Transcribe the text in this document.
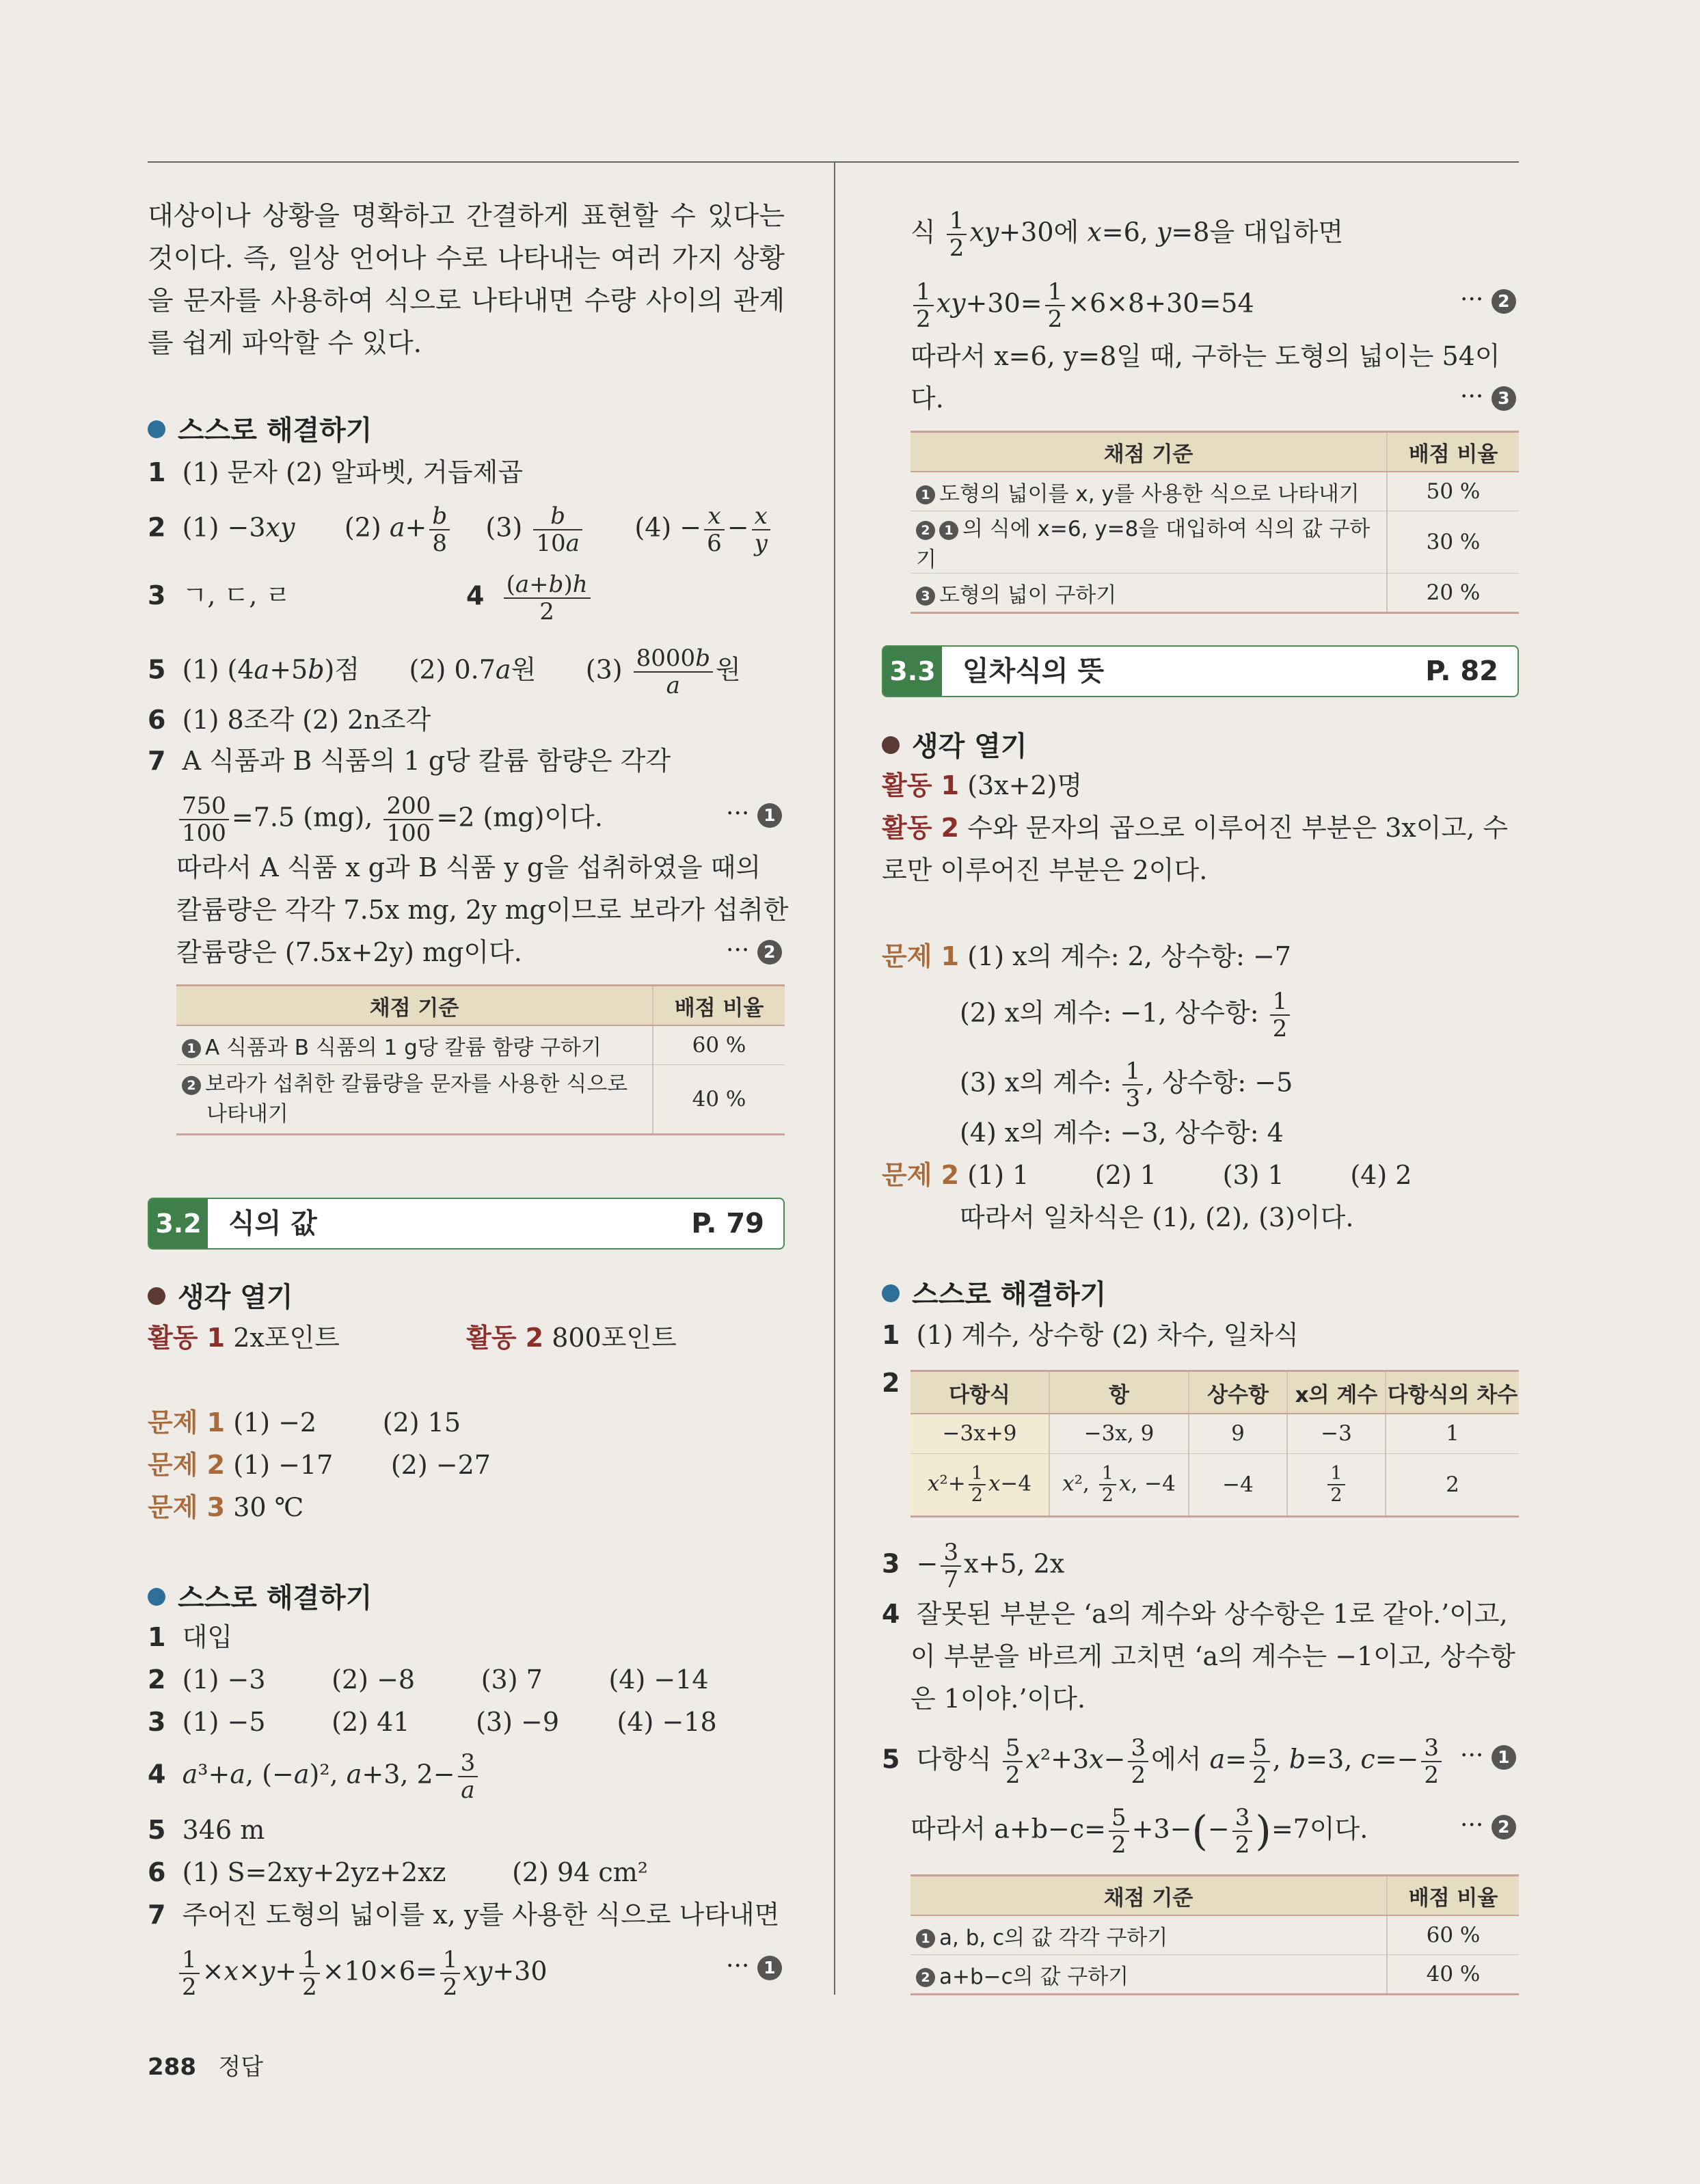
대상이나 상황을 명확하고 간결하게 표현할 수 있다는 것이다. 즉, 일상 언어나 수로 나타내는 여러 가지 상황을 문자를 사용하여 식으로 나타내면 수량 사이의 관계를 쉽게 파악할 수 있다.
스스로 해결하기
1 (1) 문자 (2) 알파벳, 거듭제곱
2  (1) −3xy      (2) $a+ \frac{b}{8} (3) \frac{b}{10a} (4) - \frac{x}{6} - \frac{x}{y}$
3 ㄱ, ㄷ, ㄹ	$4 \frac{(a+b)h}{2}$
5  (1) (4a+5b)점      (2) 0.7a원      $(3) \frac{8000b}{a}$ 원
6 (1) 8조각 (2) 2n조각
7 A 식품과 B 식품의 1 g당 칼륨 함량은 각각
$\frac{750}{100} =7.5$ (mg), $\frac{200}{100} =2$ (mg)이다.	··· 1
따라서 A 식품 x g과 B 식품 y g을 섭취하였을 때의
칼륨량은 각각 7.5x mg, 2y mg이므로 보라가 섭취한
칼륨량은 (7.5x+2y) mg이다.	··· 2
채점 기준	배점 비율
1 A 식품과 B 식품의 1 g당 칼륨 함량 구하기	60 %
2 보라가 섭취한 칼륨량을 문자를 사용한 식으로
나타내기	40 %
3.2 식의 값	P. 79
생각 열기
활동 1 2x포인트	활동 2 800포인트
문제 1 (1) −2        (2) 15
문제 2 (1) −17       (2) −27
문제 3 30 ℃
스스로 해결하기
1 대입
2 (1) −3        (2) −8        (3) 7        (4) −14
3 (1) −5        (2) 41        (3) −9       (4) −18
4 a³+a, (−a)², a+3, $2- \frac{3}{a}$
5 346 m
6 (1) S=2xy+2yz+2xz        (2) 94 cm²
7 주어진 도형의 넓이를 x, y를 사용한 식으로 나타내면
$\frac{1}{2} \times x\times y+ \frac{1}{2} \times 10\times 6= \frac{1}{2} xy+30$	··· 1
식 $\frac{1}{2} xy+30$에 x=6, y=8을 대입하면
$\frac{1}{2} xy+30= \frac{1}{2} \times 6\times 8+30=54$	··· 2
따라서 x=6, y=8일 때, 구하는 도형의 넓이는 54이
다.	··· 3
채점 기준	배점 비율
1 도형의 넓이를 x, y를 사용한 식으로 나타내기	50 %
2 1 의 식에 x=6, y=8을 대입하여 식의 값 구하기	30 %
3 도형의 넓이 구하기	20 %
3.3 일차식의 뜻	P. 82
생각 열기
활동 1 (3x+2)명
활동 2 수와 문자의 곱으로 이루어진 부분은 3x이고, 수
로만 이루어진 부분은 2이다.
문제 1 (1) x의 계수: 2, 상수항: −7
(2) x의 계수: −1, 상수항: $\frac{1}{2}$
(3) x의 계수: $\frac{1}{3}$ , 상수항: −5
(4) x의 계수: −3, 상수항: 4
문제 2 (1) 1        (2) 1        (3) 1        (4) 2
따라서 일차식은 (1), (2), (3)이다.
스스로 해결하기
1 (1) 계수, 상수항 (2) 차수, 일차식
2 다항식	항	상수항	x의 계수	다항식의 차수
−3x+9	−3x, 9	9	−3	1
$x^2+ \frac{1}{2} x-4$	x², $\frac{1}{2} x$, −4	−4	$\frac{1}{2}$	2
$3 - \frac{3}{7} x+5$, 2x
4 잘못된 부분은 ‘a의 계수와 상수항은 1로 같아.’이고,
이 부분을 바르게 고치면 ‘a의 계수는 −1이고, 상수항
은 1이야.’이다.
5 다항식 $\frac{5}{2} x^2+3x- \frac{3}{2}$ 에서 $a= \frac{5}{2}$ , b=3, $c=- \frac{3}{2}$ ··· 1
따라서 $a+b-c= \frac{5}{2} +3-(- \frac{3}{2} )=7$이다.	··· 2
채점 기준	배점 비율
1 a, b, c의 값 각각 구하기	60 %
2 a+b−c의 값 구하기	40 %
288 정답
